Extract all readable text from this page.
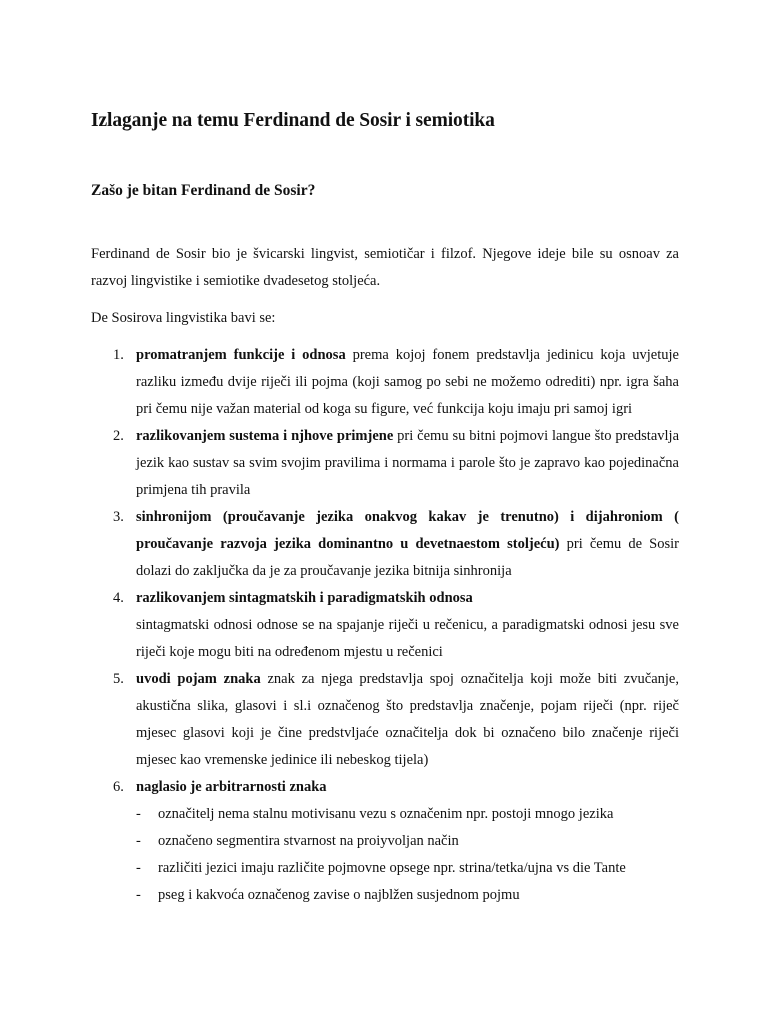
Izlaganje na temu Ferdinand de Sosir i semiotika
Zašo je bitan Ferdinand de Sosir?
Ferdinand de Sosir bio je švicarski lingvist, semiotičar i filzof. Njegove ideje bile su osnoav za razvoj lingvistike i semiotike dvadesetog stoljeća.
De Sosirova lingvistika bavi se:
1. promatranjem funkcije i odnosa prema kojoj fonem predstavlja jedinicu koja uvjetuje razliku između dvije riječi ili pojma (koji samog po sebi ne možemo odrediti) npr. igra šaha pri čemu nije važan material od koga su figure, već funkcija koju imaju pri samoj igri
2. razlikovanjem sustema i njhove primjene pri čemu su bitni pojmovi langue što predstavlja jezik kao sustav sa svim svojim pravilima i normama i parole što je zapravo kao pojedinačna primjena tih pravila
3. sinhronijom (proučavanje jezika onakvog kakav je trenutno) i dijahroniom ( proučavanje razvoja jezika dominantno u devetnaestom stoljeću) pri čemu de Sosir dolazi do zaključka da je za proučavanje jezika bitnija sinhronija
4. razlikovanjem sintagmatskih i paradigmatskih odnosa
sintagmatski odnosi odnose se na spajanje riječi u rečenicu, a paradigmatski odnosi jesu sve riječi koje mogu biti na određenom mjestu u rečenici
5. uvodi pojam znaka znak za njega predstavlja spoj označitelja koji može biti zvučanje, akustična slika, glasovi i sl.i označenog što predstavlja značenje, pojam riječi (npr. riječ mjesec glasovi koji je čine predstvljaće označitelja dok bi označeno bilo značenje riječi mjesec kao vremenske jedinice ili nebeskog tijela)
6. naglasio je arbitrarnosti znaka
- označitelj nema stalnu motivisanu vezu s označenim npr. postoji mnogo jezika
- označeno segmentira stvarnost na proiyvoljan način
- različiti jezici imaju različite pojmovne opsege npr. strina/tetka/ujna vs die Tante
- pseg i kakvoća označenog zavise o najblžen susjednom pojmu
